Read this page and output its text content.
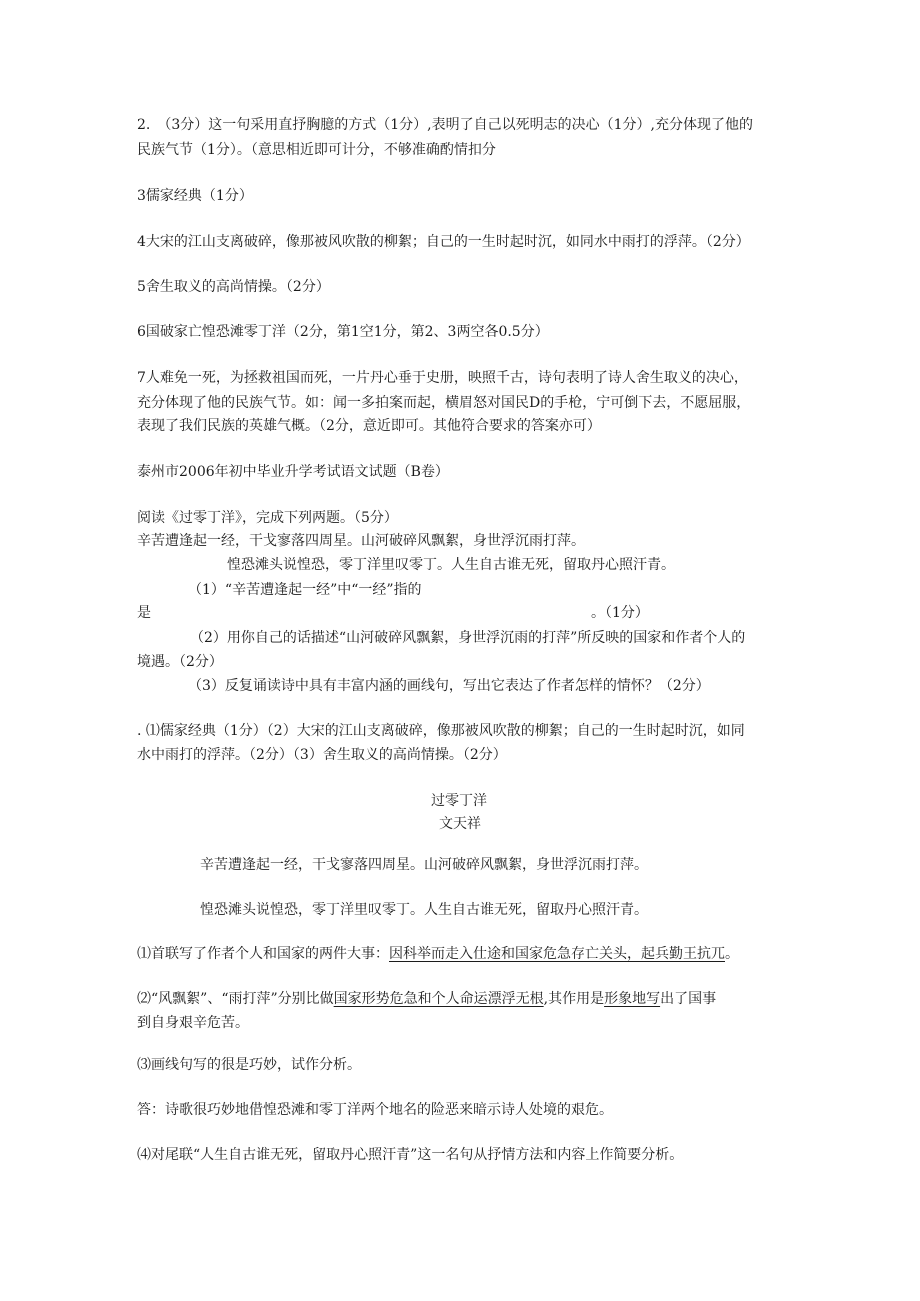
2.　（3分）这一句采用直抒胸臆的方式（1分）,表明了自己以死明志的决心（1分）,充分体现了他的
民族气节（1分）。（意思相近即可计分，不够准确酌情扣分
3儒家经典（1分）
4大宋的江山支离破碎，像那被风吹散的柳絮；自己的一生时起时沉，如同水中雨打的浮萍。（2分）
5舍生取义的高尚情操。（2分）
6国破家亡惶恐滩零丁洋（2分，第1空1分，第2、3两空各0.5分）
7人难免一死，为拯救祖国而死，一片丹心垂于史册，映照千古，诗句表明了诗人舍生取义的决心，
充分体现了他的民族气节。如：闻一多拍案而起，横眉怒对国民D的手枪，宁可倒下去，不愿屈服，
表现了我们民族的英雄气概。（2分，意近即可。其他符合要求的答案亦可）
泰州市2006年初中毕业升学考试语文试题（B卷）
阅读《过零丁洋》，完成下列两题。（5分）
辛苦遭逢起一经，干戈寥落四周星。山河破碎风飘絮，身世浮沉雨打萍。
惶恐滩头说惶恐，零丁洋里叹零丁。人生自古谁无死，留取丹心照汗青。
（1）“辛苦遭逢起一经”中“一经”指的
是	。（1分）
（2）用你自己的话描述“山河破碎风飘絮，身世浮沉雨的打萍”所反映的国家和作者个人的
境遇。（2分）
（3）反复诵读诗中具有丰富内涵的画线句，写出它表达了作者怎样的情怀？（2分）
. ⑴儒家经典（1分）（2）大宋的江山支离破碎，像那被风吹散的柳絮；自己的一生时起时沉，如同
水中雨打的浮萍。（2分）（3）舍生取义的高尚情操。（2分）
过零丁洋
文天祥
辛苦遭逢起一经，干戈寥落四周星。山河破碎风飘絮，身世浮沉雨打萍。
惶恐滩头说惶恐，零丁洋里叹零丁。人生自古谁无死，留取丹心照汗青。
⑴首联写了作者个人和国家的两件大事：因科举而走入仕途和国家危急存亡关头，起兵勤王抗兀。
⑵“风飘絮”、“雨打萍”分别比做国家形势危急和个人命运漂浮无根,其作用是形象地写出了国事
到自身艰辛危苦。
⑶画线句写的很是巧妙，试作分析。
答：诗歌很巧妙地借惶恐滩和零丁洋两个地名的险恶来暗示诗人处境的艰危。
⑷对尾联“人生自古谁无死，留取丹心照汗青”这一名句从抒情方法和内容上作简要分析。
